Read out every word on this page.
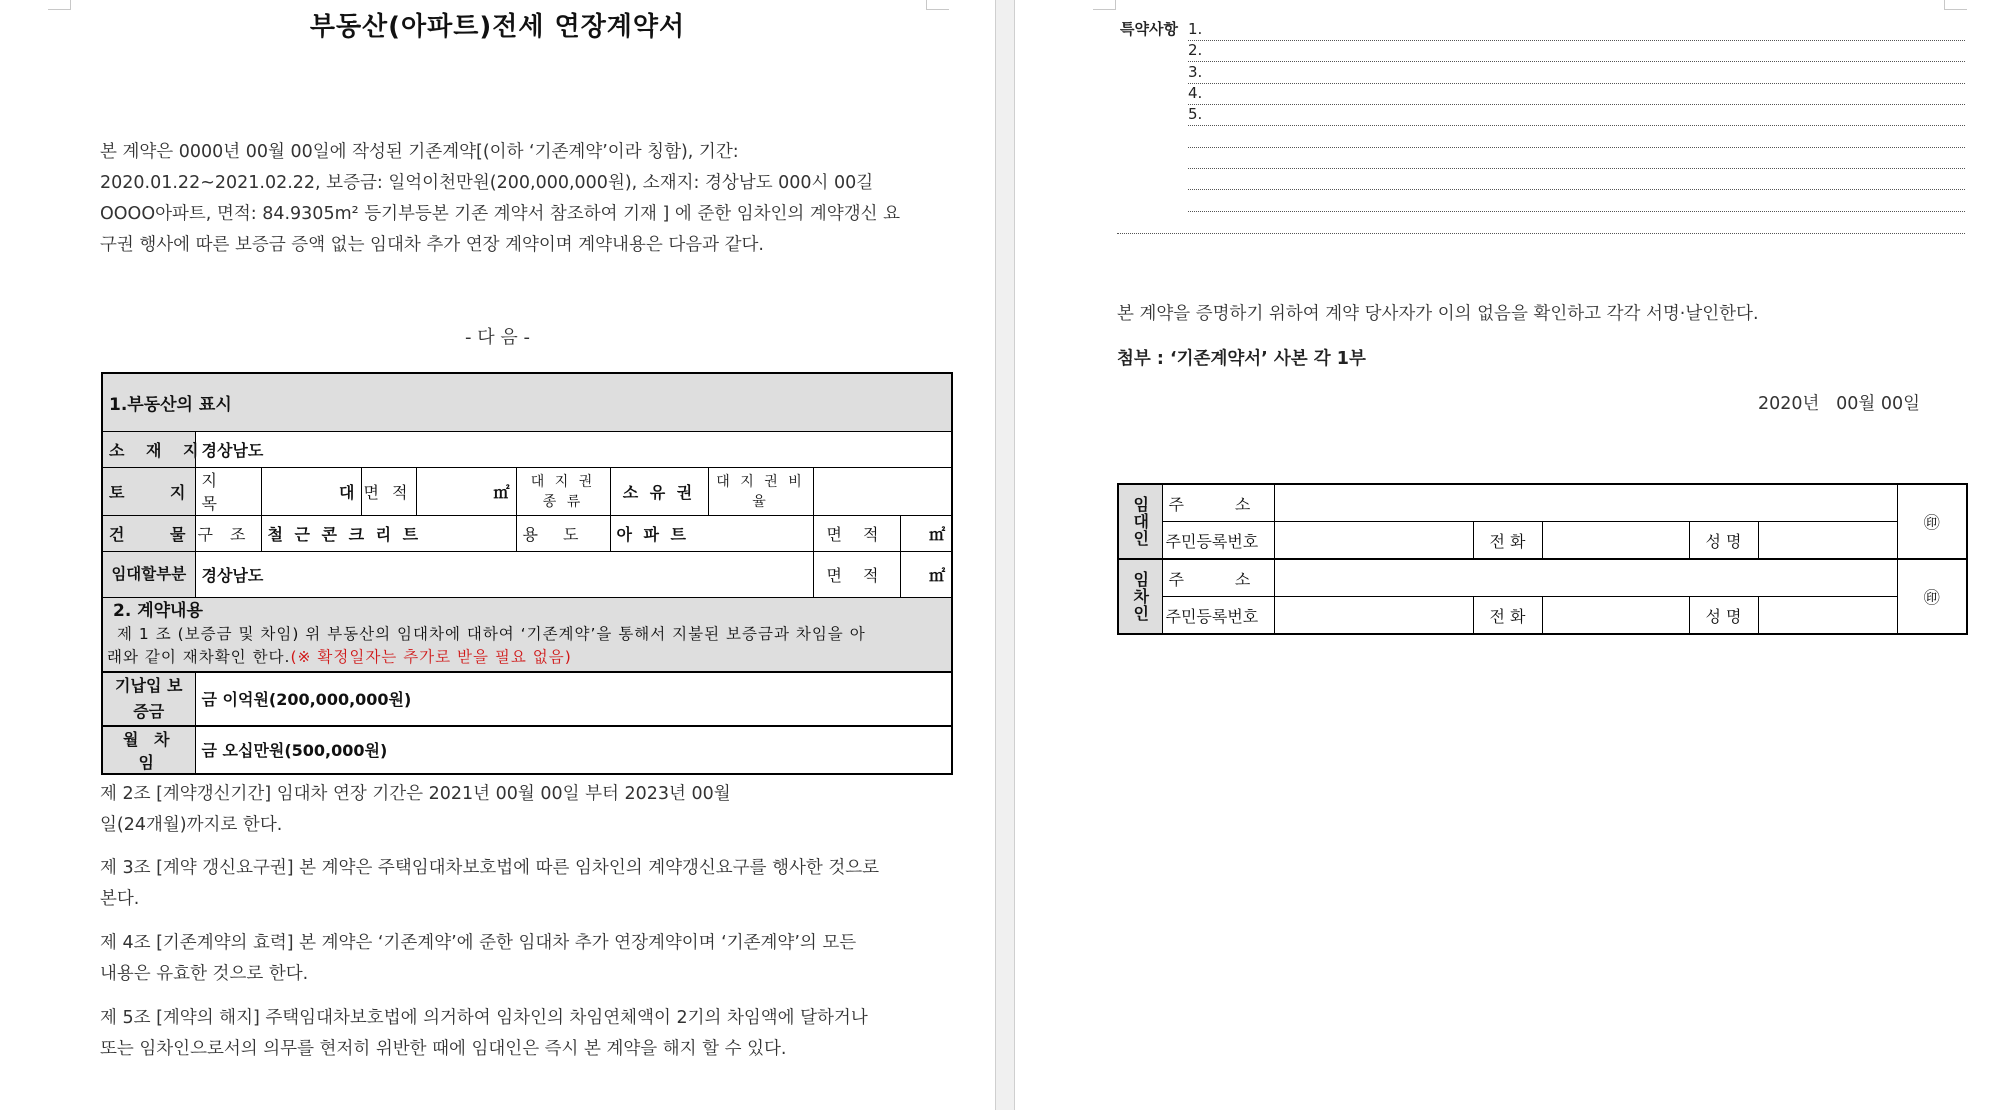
부동산(아파트)전세 연장계약서
본 계약은 0000년 00월 00일에 작성된 기존계약[(이하 ‘기존계약’이라 칭함), 기간:
2020.01.22~2021.02.22, 보증금: 일억이천만원(200,000,000원), 소재지: 경상남도 000시 00길
OOOO아파트, 면적: 84.9305m² 등기부등본 기존 계약서 참조하여 기재 ] 에 준한 임차인의 계약갱신 요
구권 행사에 따른 보증금 증액 없는 임대차 추가 연장 계약이며 계약내용은 다음과 같다.
- 다 음 -
1.부동산의 표시									
소 재 지	경상남도								
토 지	지 목	대	면 적	㎡	대 지 권 종 류	소 유 권	대 지 권 비 율		
건 물	구 조	철 근 콘 크 리 트			용 도	아 파 트		면 적	㎡
임대할부분	경상남도							면 적	㎡

2. 계약내용
제 1 조 (보증금 및 차임) 위 부동산의 임대차에 대하여 ‘기존계약’을 통해서 지불된 보증금과 차임을 아
래와 같이 재차확인 한다.(※ 확정일자는 추가로 받을 필요 없음)									

기납입 보증금	금 이억원(200,000,000원)								
월 차 임	금 오십만원(500,000원)								
제 2조 [계약갱신기간] 임대차 연장 기간은 2021년 00월 00일 부터 2023년 00월
일(24개월)까지로 한다.
제 3조 [계약 갱신요구권] 본 계약은 주택임대차보호법에 따른 임차인의 계약갱신요구를 행사한 것으로
본다.
제 4조 [기존계약의 효력] 본 계약은 ‘기존계약’에 준한 임대차 추가 연장계약이며 ‘기존계약’의 모든
내용은 유효한 것으로 한다.
제 5조 [계약의 해지] 주택임대차보호법에 의거하여 임차인의 차임연체액이 2기의 차임액에 달하거나
또는 임차인으로서의 의무를 현저히 위반한 때에 임대인은 즉시 본 계약을 해지 할 수 있다.
특약사항 1.
2.
3.
4.
5.
본 계약을 증명하기 위하여 계약 당사자가 이의 없음을 확인하고 각각 서명·날인한다.
첨부 : ‘기존계약서’ 사본 각 1부
2020년   00월 00일
임대인	주          소						㊞
	주민등록번호		전 화		성 명		
임차인	주          소						㊞
	주민등록번호		전 화		성 명		
